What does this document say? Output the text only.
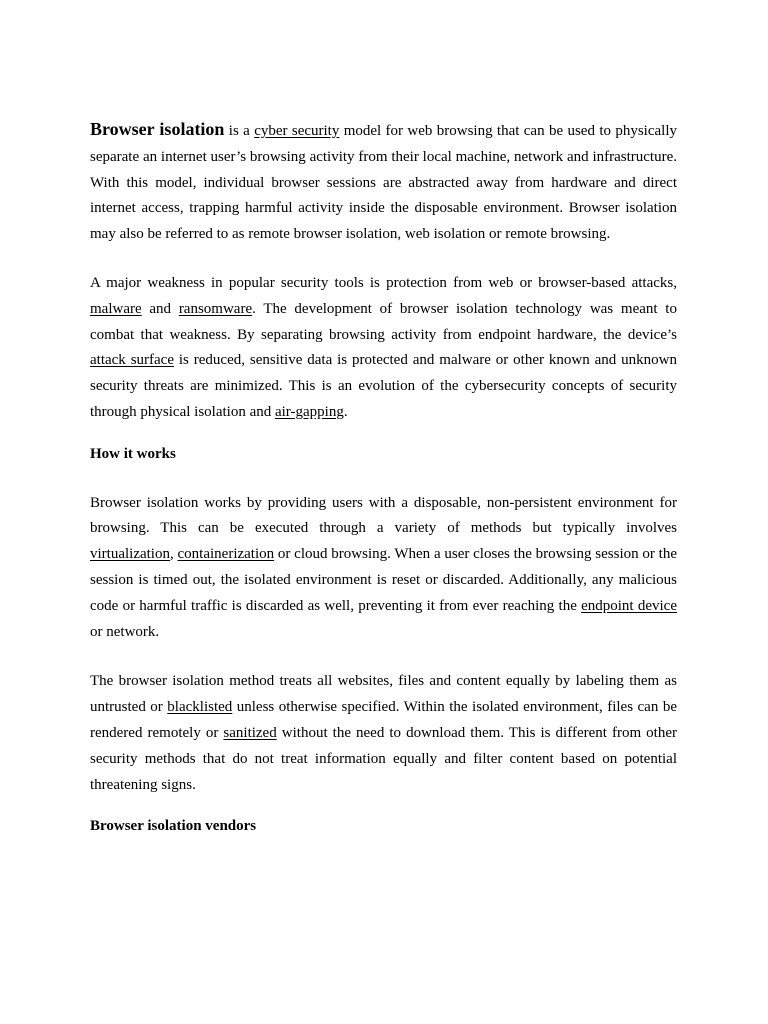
Browser isolation is a cyber security model for web browsing that can be used to physically separate an internet user’s browsing activity from their local machine, network and infrastructure. With this model, individual browser sessions are abstracted away from hardware and direct internet access, trapping harmful activity inside the disposable environment. Browser isolation may also be referred to as remote browser isolation, web isolation or remote browsing.

A major weakness in popular security tools is protection from web or browser-based attacks, malware and ransomware. The development of browser isolation technology was meant to combat that weakness. By separating browsing activity from endpoint hardware, the device’s attack surface is reduced, sensitive data is protected and malware or other known and unknown security threats are minimized. This is an evolution of the cybersecurity concepts of security through physical isolation and air-gapping.

How it works

Browser isolation works by providing users with a disposable, non-persistent environment for browsing. This can be executed through a variety of methods but typically involves virtualization, containerization or cloud browsing. When a user closes the browsing session or the session is timed out, the isolated environment is reset or discarded. Additionally, any malicious code or harmful traffic is discarded as well, preventing it from ever reaching the endpoint device or network.

The browser isolation method treats all websites, files and content equally by labeling them as untrusted or blacklisted unless otherwise specified. Within the isolated environment, files can be rendered remotely or sanitized without the need to download them. This is different from other security methods that do not treat information equally and filter content based on potential threatening signs.

Browser isolation vendors
